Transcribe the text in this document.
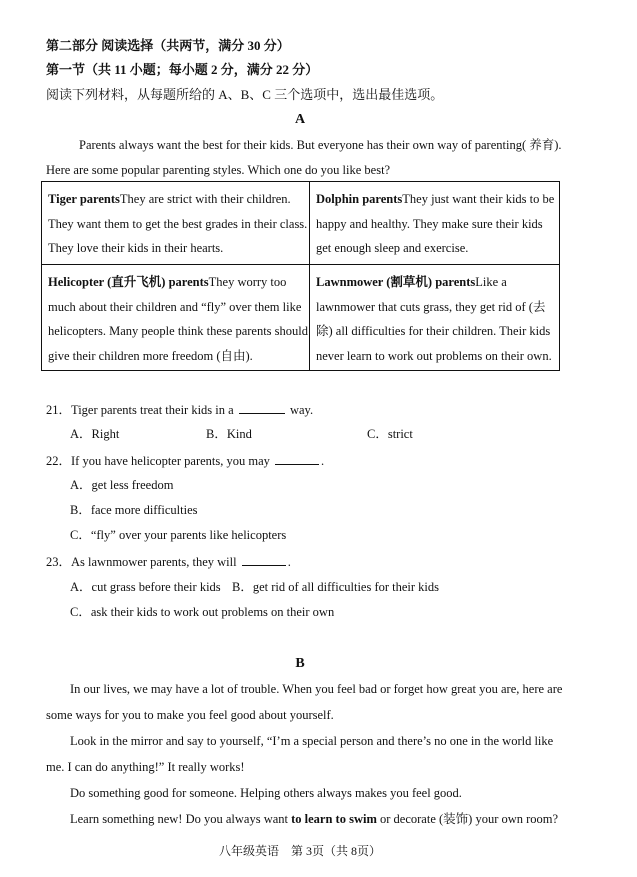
第二部分 阅读选择（共两节，满分 30 分）
第一节（共 11 小题；每小题 2 分，满分 22 分）
阅读下列材料，从每题所给的 A、B、C 三个选项中，选出最佳选项。
A
Parents always want the best for their kids. But everyone has their own way of parenting( 养育).
Here are some popular parenting styles. Which one do you like best?
Tiger parentsThey are strict with their children.
They want them to get the best grades in their class.
They love their kids in their hearts.
Dolphin parentsThey just want their kids to be
happy and healthy. They make sure their kids
get enough sleep and exercise.
Helicopter (直升飞机) parentsThey worry too
much about their children and “fly” over them like
helicopters. Many people think these parents should
give their children more freedom (自由).
Lawnmower (割草机) parentsLike a
lawnmower that cuts grass, they get rid of (去
除) all difficulties for their children. Their kids
never learn to work out problems on their own.
21．Tiger parents treat their kids in a	way.
A．Right	B．Kind	C．strict
22．If you have helicopter parents, you may	.
A．get less freedom
B．face more difficulties
C．“fly” over your parents like helicopters
23．As lawnmower parents, they will	.
A．cut grass before their kids B．get rid of all difficulties for their kids
C．ask their kids to work out problems on their own
B
In our lives, we may have a lot of trouble. When you feel bad or forget how great you are, here are
some ways for you to make you feel good about yourself.
Look in the mirror and say to yourself, “I’m a special person and there’s no one in the world like
me. I can do anything!” It really works!
Do something good for someone. Helping others always makes you feel good.
Learn something new! Do you always want to learn to swim or decorate (装饰) your own room?
八年级英语　第 3页（共 8页）
